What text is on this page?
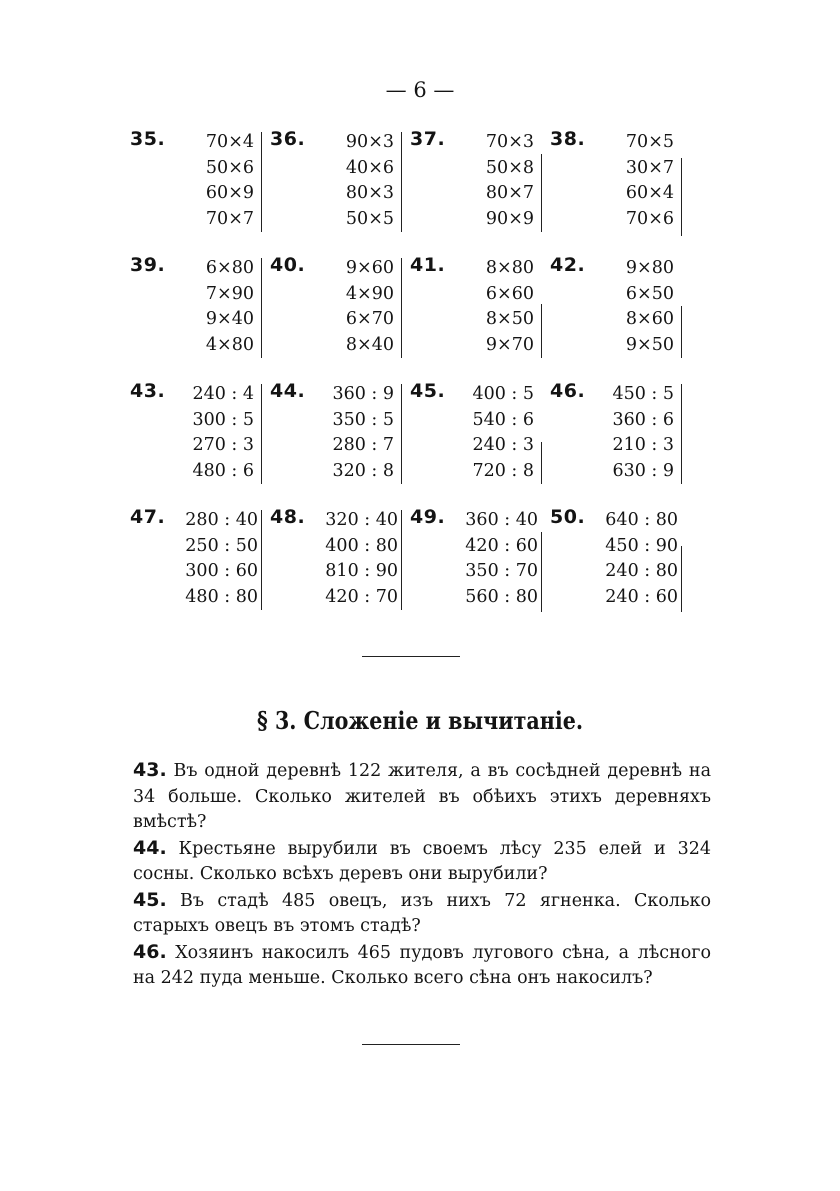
— 6 —
35.	70×4
50×6
60×9
70×7
36.	90×3
40×6
80×3
50×5
37.	70×3
50×8
80×7
90×9
38.	70×5
30×7
60×4
70×6
39.	6×80
7×90
9×40
4×80
40.	9×60
4×90
6×70
8×40
41.	8×80
6×60
8×50
9×70
42.	9×80
6×50
8×60
9×50
43.	240 : 4
300 : 5
270 : 3
480 : 6
44.	360 : 9
350 : 5
280 : 7
320 : 8
45.	400 : 5
540 : 6
240 : 3
720 : 8
46.	450 : 5
360 : 6
210 : 3
630 : 9
47. 280 : 40
250 : 50
300 : 60
480 : 80
48. 320 : 40
400 : 80
810 : 90
420 : 70
49. 360 : 40
420 : 60
350 : 70
560 : 80
50. 640 : 80
450 : 90
240 : 80
240 : 60
§ 3. Сложеніе и вычитаніе.

43. Въ одной деревнѣ 122 жителя, а въ сосѣдней деревнѣ на 34 больше. Сколько жителей въ обѣихъ этихъ деревняхъ вмѣстѣ?

44. Крестьяне вырубили въ своемъ лѣсу 235 елей и 324 сосны. Сколько всѣхъ деревъ они вырубили?

45. Въ стадѣ 485 овецъ, изъ нихъ 72 ягненка. Сколько старыхъ овецъ въ этомъ стадѣ?

46. Хозяинъ накосилъ 465 пудовъ лугового сѣна, а лѣсного на 242 пуда меньше. Сколько всего сѣна онъ накосилъ?
